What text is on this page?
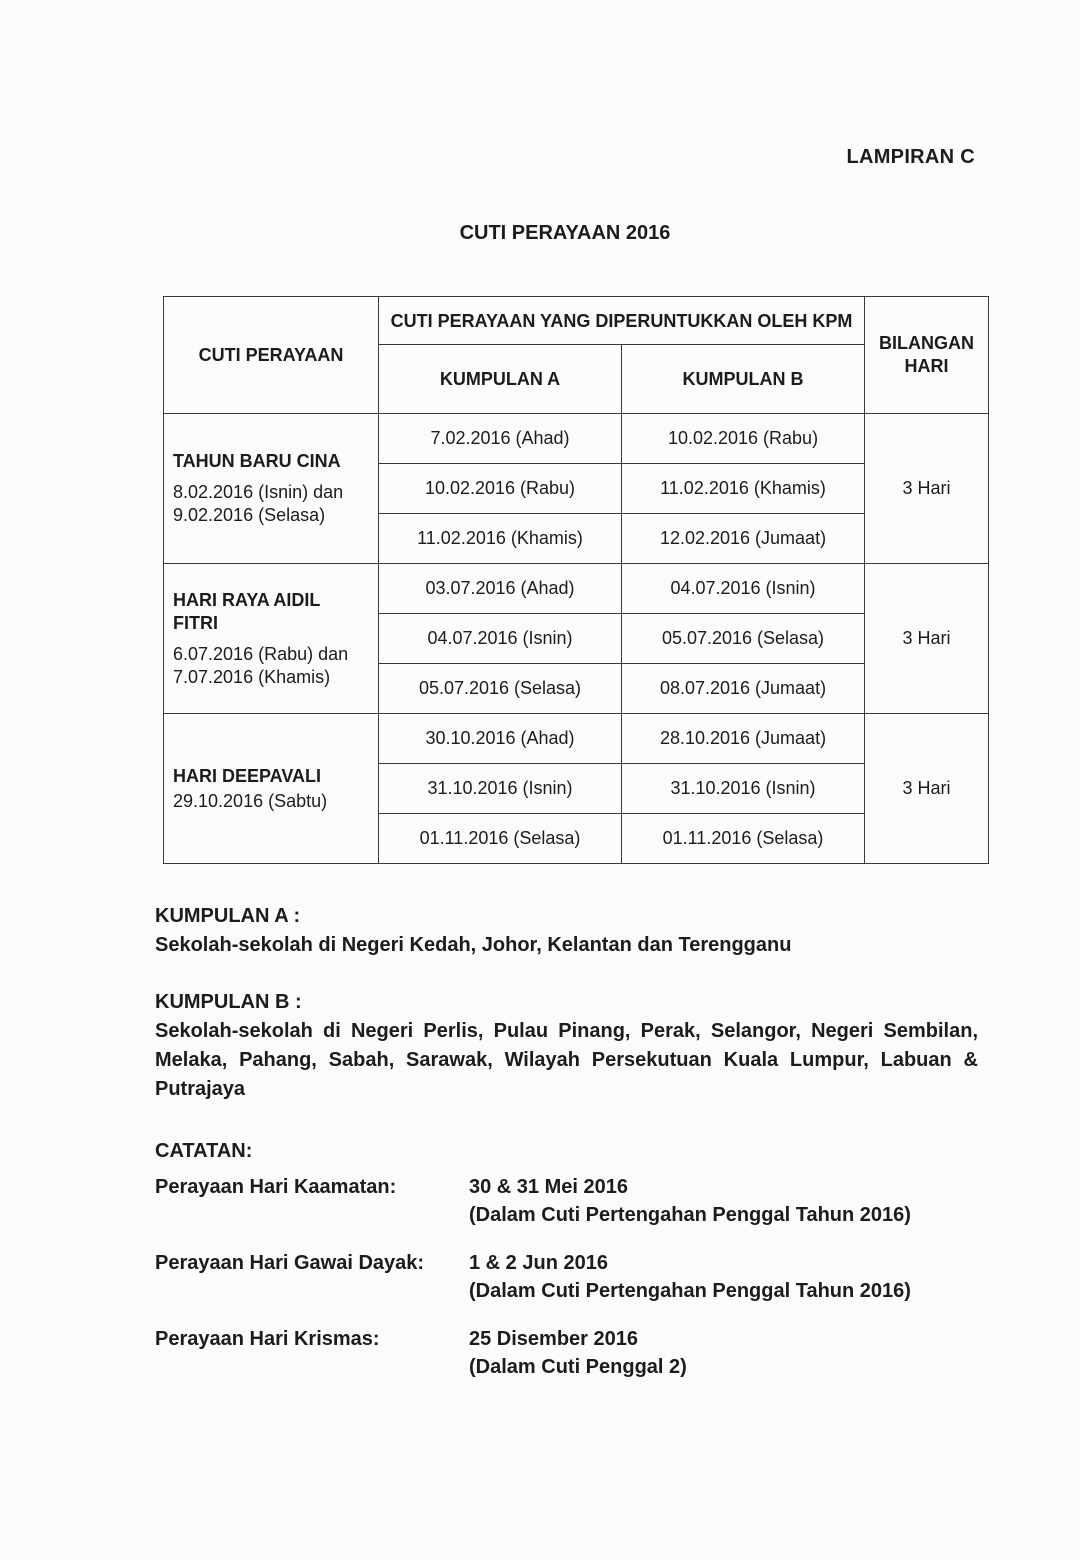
LAMPIRAN C
CUTI PERAYAAN 2016
CUTI PERAYAAN	CUTI PERAYAAN YANG DIPERUNTUKKAN OLEH KPM		BILANGAN HARI
	KUMPULAN A	KUMPULAN B	

TAHUN BARU CINA
8.02.2016 (Isnin) dan 9.02.2016 (Selasa)	7.02.2016 (Ahad)	10.02.2016 (Rabu)	3 Hari
	10.02.2016 (Rabu)	11.02.2016 (Khamis)	
	11.02.2016 (Khamis)	12.02.2016 (Jumaat)	

HARI RAYA AIDIL FITRI
6.07.2016 (Rabu) dan 7.07.2016 (Khamis)	03.07.2016 (Ahad)	04.07.2016 (Isnin)	3 Hari
	04.07.2016 (Isnin)	05.07.2016 (Selasa)	
	05.07.2016 (Selasa)	08.07.2016 (Jumaat)	

HARI DEEPAVALI
29.10.2016 (Sabtu)	30.10.2016 (Ahad)	28.10.2016 (Jumaat)	3 Hari
	31.10.2016 (Isnin)	31.10.2016 (Isnin)	
	01.11.2016 (Selasa)	01.11.2016 (Selasa)	
KUMPULAN A :
Sekolah-sekolah di Negeri Kedah, Johor, Kelantan dan Terengganu
KUMPULAN B :
Sekolah-sekolah di Negeri Perlis, Pulau Pinang, Perak, Selangor, Negeri Sembilan, Melaka, Pahang, Sabah, Sarawak, Wilayah Persekutuan Kuala Lumpur, Labuan & Putrajaya
CATATAN:
Perayaan Hari Kaamatan:	30 & 31 Mei 2016
(Dalam Cuti Pertengahan Penggal Tahun 2016)
Perayaan Hari Gawai Dayak:	1 & 2 Jun 2016
(Dalam Cuti Pertengahan Penggal Tahun 2016)
Perayaan Hari Krismas:	25 Disember 2016
(Dalam Cuti Penggal 2)
